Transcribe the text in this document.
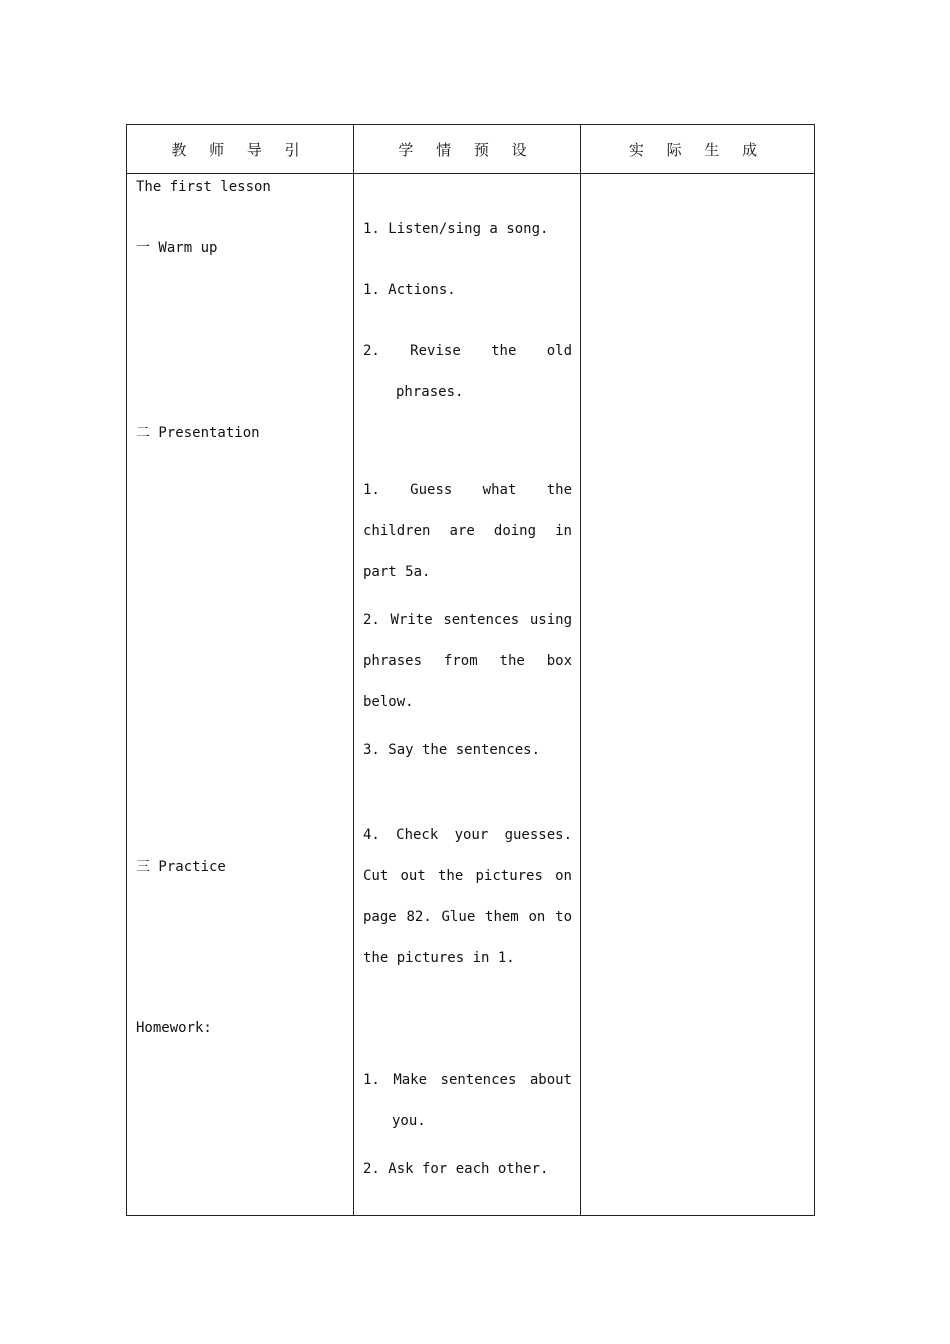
教 师 导 引	学 情 预 设	实 际 生 成
The first lesson
一 Warm up
二 Presentation
三 Practice
Homework:
1. Listen/sing a song.
1. Actions.
2. Revise the old
phrases.
1. Guess what the
children are doing in
part 5a.
2. Write sentences using
phrases from the box
below.
3. Say the sentences.
4. Check your guesses.
Cut out the pictures on
page 82. Glue them on to
the pictures in 1.
1. Make sentences about
you.
2. Ask for each other.
